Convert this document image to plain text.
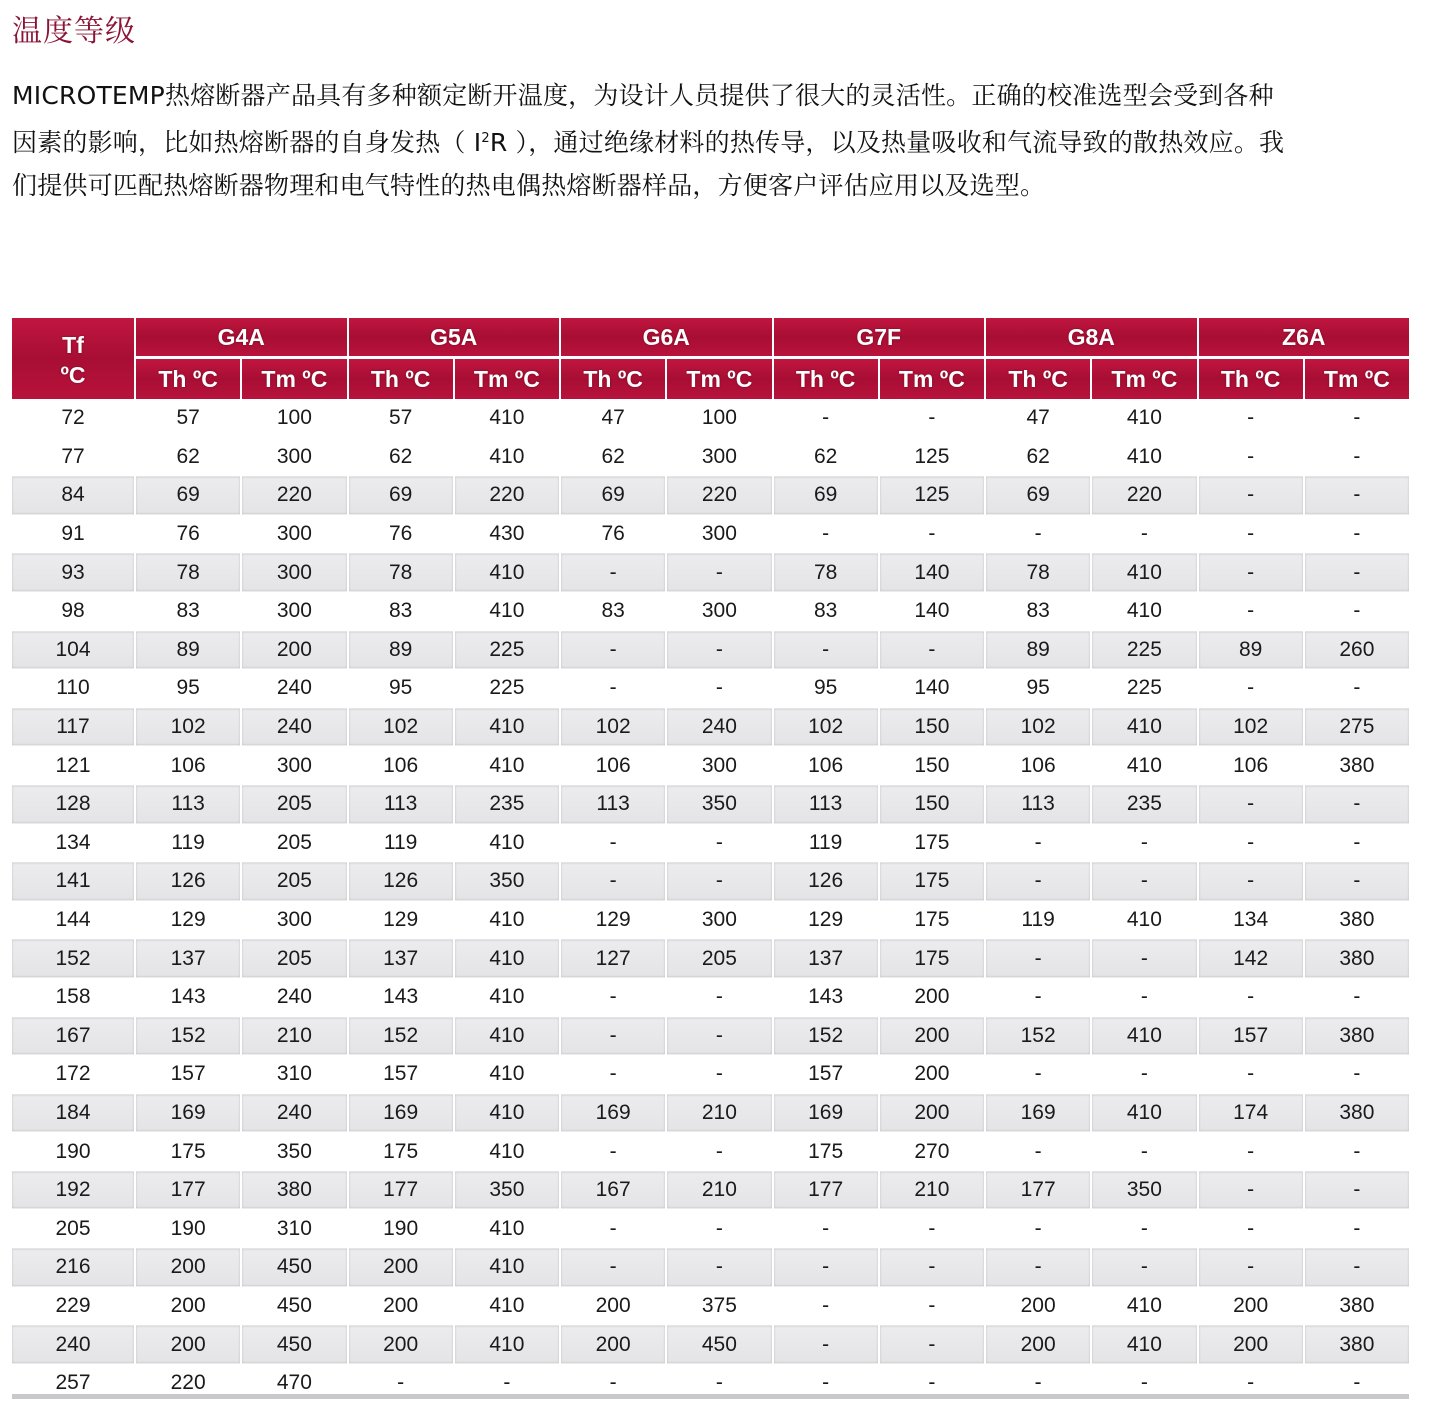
温度等级
MICROTEMP热熔断器产品具有多种额定断开温度，为设计人员提供了很大的灵活性。正确的校准选型会受到各种
因素的影响，比如热熔断器的自身发热（ $I^2R$ ），通过绝缘材料的热传导，以及热量吸收和气流导致的散热效应。我
们提供可匹配热熔断器物理和电气特性的热电偶热熔断器样品，方便客户评估应用以及选型。
Tf
ºC	G4A		G5A		G6A		G7F		G8A		Z6A	
	Th ºC	Tm ºC	Th ºC	Tm ºC	Th ºC	Tm ºC	Th ºC	Tm ºC	Th ºC	Tm ºC	Th ºC	Tm ºC
72	57	100	57	410	47	100	-	-	47	410	-	-
77	62	300	62	410	62	300	62	125	62	410	-	-
84	69	220	69	220	69	220	69	125	69	220	-	-
91	76	300	76	430	76	300	-	-	-	-	-	-
93	78	300	78	410	-	-	78	140	78	410	-	-
98	83	300	83	410	83	300	83	140	83	410	-	-
104	89	200	89	225	-	-	-	-	89	225	89	260
110	95	240	95	225	-	-	95	140	95	225	-	-
117	102	240	102	410	102	240	102	150	102	410	102	275
121	106	300	106	410	106	300	106	150	106	410	106	380
128	113	205	113	235	113	350	113	150	113	235	-	-
134	119	205	119	410	-	-	119	175	-	-	-	-
141	126	205	126	350	-	-	126	175	-	-	-	-
144	129	300	129	410	129	300	129	175	119	410	134	380
152	137	205	137	410	127	205	137	175	-	-	142	380
158	143	240	143	410	-	-	143	200	-	-	-	-
167	152	210	152	410	-	-	152	200	152	410	157	380
172	157	310	157	410	-	-	157	200	-	-	-	-
184	169	240	169	410	169	210	169	200	169	410	174	380
190	175	350	175	410	-	-	175	270	-	-	-	-
192	177	380	177	350	167	210	177	210	177	350	-	-
205	190	310	190	410	-	-	-	-	-	-	-	-
216	200	450	200	410	-	-	-	-	-	-	-	-
229	200	450	200	410	200	375	-	-	200	410	200	380
240	200	450	200	410	200	450	-	-	200	410	200	380
257	220	470	-	-	-	-	-	-	-	-	-	-
